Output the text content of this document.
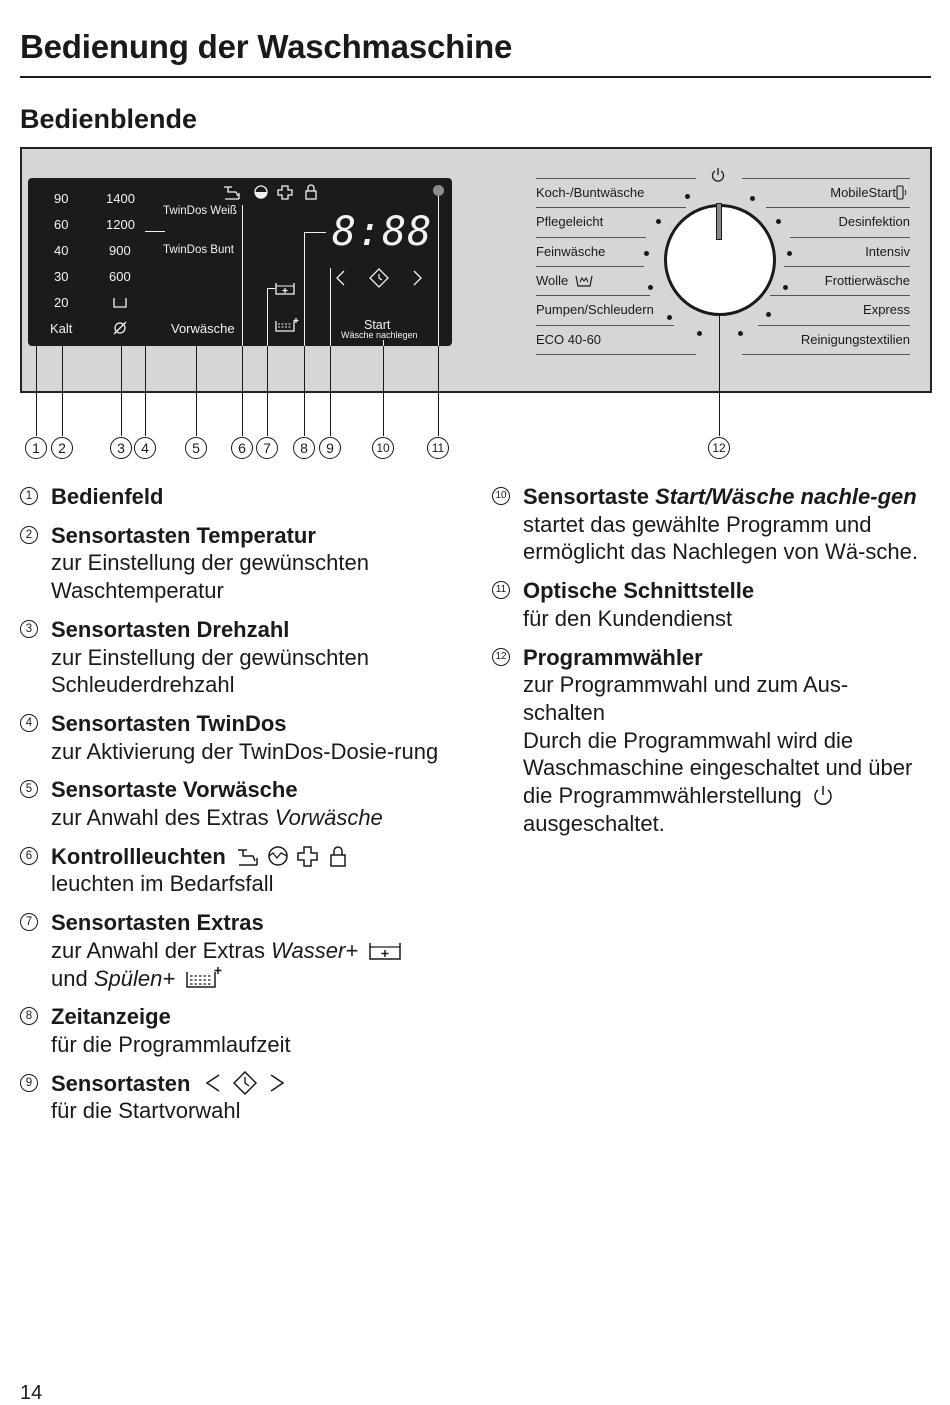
Bedienung der Waschmaschine
Bedienblende
90
60
40
30
20
Kalt
1400
1200
900
600
TwinDos Weiß
TwinDos Bunt
Vorwäsche
8:88
Start
Wäsche nachlegen
Koch-/Buntwäsche
Pflegeleicht
Feinwäsche
Wolle
Pumpen/Schleudern
ECO 40-60
MobileStart
Desinfektion
Intensiv
Frottierwäsche
Express
Reinigungstextilien
1	2	3	4	5	6	7	8	9	10	11	12
1 Bedienfeld
2 Sensortasten Temperatur
zur Einstellung der gewünschten Waschtemperatur
3 Sensortasten Drehzahl
zur Einstellung der gewünschten Schleuderdrehzahl
4 Sensortasten TwinDos
zur Aktivierung der TwinDos-Dosie-rung
5 Sensortaste Vorwäsche
zur Anwahl des Extras Vorwäsche
6 Kontrollleuchten
leuchten im Bedarfsfall
7 Sensortasten Extras
zur Anwahl der Extras Wasser+
und Spülen+
8 Zeitanzeige
für die Programmlaufzeit
9 Sensortasten
für die Startvorwahl
10 Sensortaste Start/Wäsche nachle-gen
startet das gewählte Programm und ermöglicht das Nachlegen von Wä-sche.
11 Optische Schnittstelle
für den Kundendienst
12 Programmwähler
zur Programmwahl und zum Aus-schalten
Durch die Programmwahl wird die Waschmaschine eingeschaltet und über die Programmwählerstellung
ausgeschaltet.
14
